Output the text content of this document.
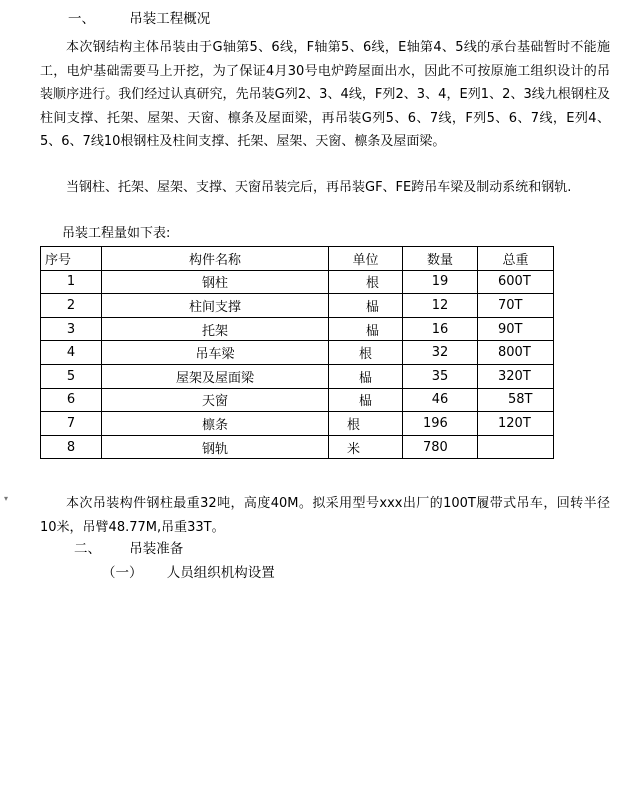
一、	吊装工程概况
本次钢结构主体吊装由于G轴第5、6线，F轴第5、6线，E轴第4、5线的承台基础暂时不能施工，电炉基础需要马上开挖，为了保证4月30号电炉跨屋面出水，因此不可按原施工组织设计的吊装顺序进行。我们经过认真研究，先吊装G列2、3、4线，F列2、3、4，E列1、2、3线九根钢柱及柱间支撑、托架、屋架、天窗、檩条及屋面梁，再吊装G列5、6、7线，F列5、6、7线，E列4、5、6、7线10根钢柱及柱间支撑、托架、屋架、天窗、檩条及屋面梁。
当钢柱、托架、屋架、支撑、天窗吊装完后，再吊装GF、FE跨吊车梁及制动系统和钢轨.
吊装工程量如下表:
序号	构件名称	单位	数量	总重
1	钢柱	根	19	600T
2	柱间支撑	榀	12	70T
3	托架	榀	16	90T
4	吊车梁	根	32	800T
5	屋架及屋面梁	榀	35	320T
6	天窗	榀	46	58T
7	檩条	根	196	120T
8	钢轨	米	780	
▾	本次吊装构件钢柱最重32吨，高度40M。拟采用型号xxx出厂的100T履带式吊车，回转半径10米，吊臂48.77M,吊重33T。
二、 吊装准备
（一） 人员组织机构设置
